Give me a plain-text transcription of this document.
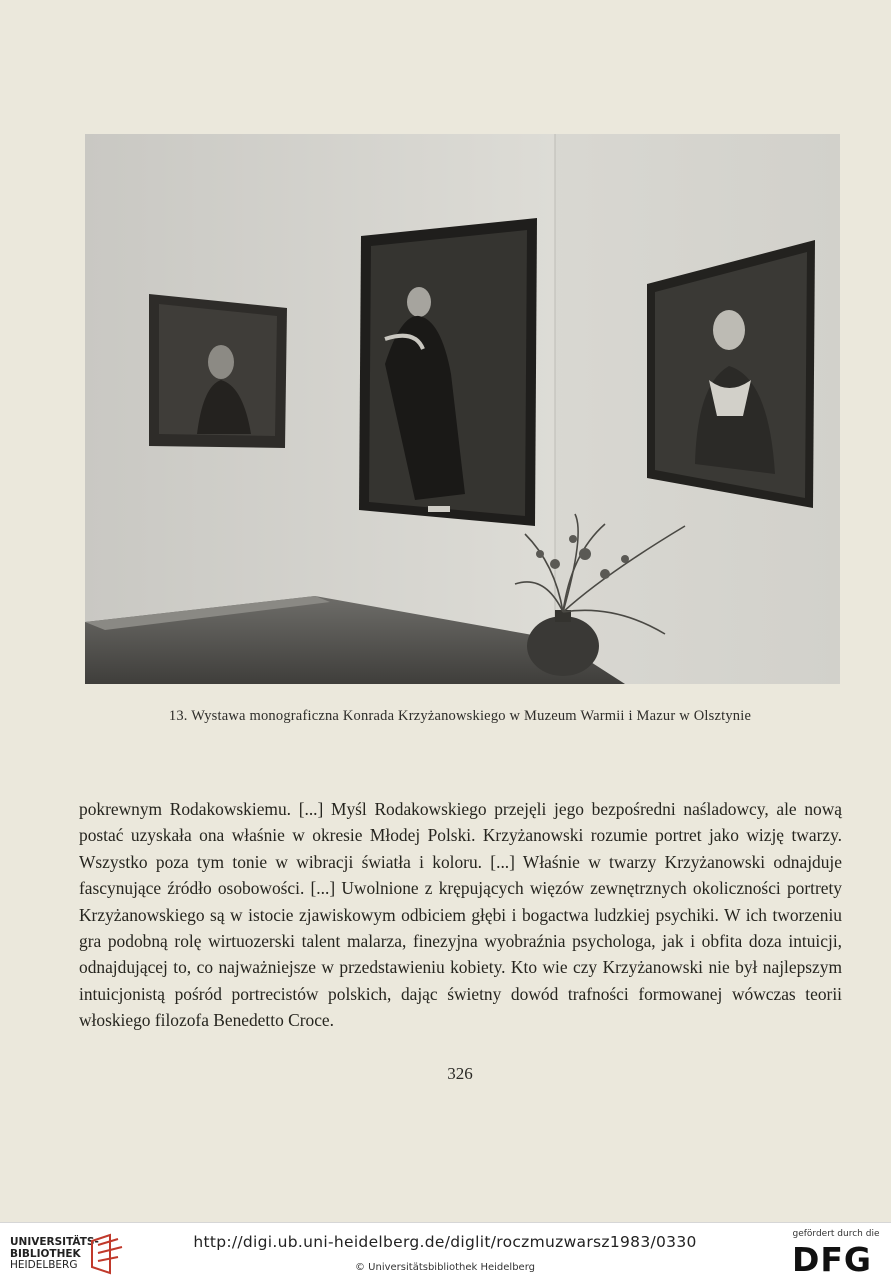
13. Wystawa monograficzna Konrada Krzyżanowskiego w Muzeum Warmii i Mazur w Olsztynie

pokrewnym Rodakowskiemu. [...] Myśl Rodakowskiego przejęli jego bezpośredni naśladowcy, ale nową postać uzyskała ona właśnie w okresie Młodej Polski. Krzyżanowski rozumie portret jako wizję twarzy. Wszystko poza tym tonie w wibracji światła i koloru. [...] Właśnie w twarzy Krzyżanowski odnajduje fascynujące źródło osobowości. [...] Uwolnione z krępujących więzów zewnętrznych okoliczności portrety Krzyżanowskiego są w istocie zjawiskowym odbiciem głębi i bogactwa ludzkiej psychiki. W ich tworzeniu gra podobną rolę wirtuozerski talent malarza, finezyjna wyobraźnia psychologa, jak i obfita doza intuicji, odnajdującej to, co najważniejsze w przedstawieniu kobiety. Kto wie czy Krzyżanowski nie był najlepszym intuicjonistą pośród portrecistów polskich, dając świetny dowód trafności formowanej wówczas teorii włoskiego filozofa Benedetto Croce.

326
UNIVERSITÄTS-
BIBLIOTHEK
HEIDELBERG
http://digi.ub.uni-heidelberg.de/diglit/roczmuzwarsz1983/0330
© Universitätsbibliothek Heidelberg
gefördert durch die
DFG
